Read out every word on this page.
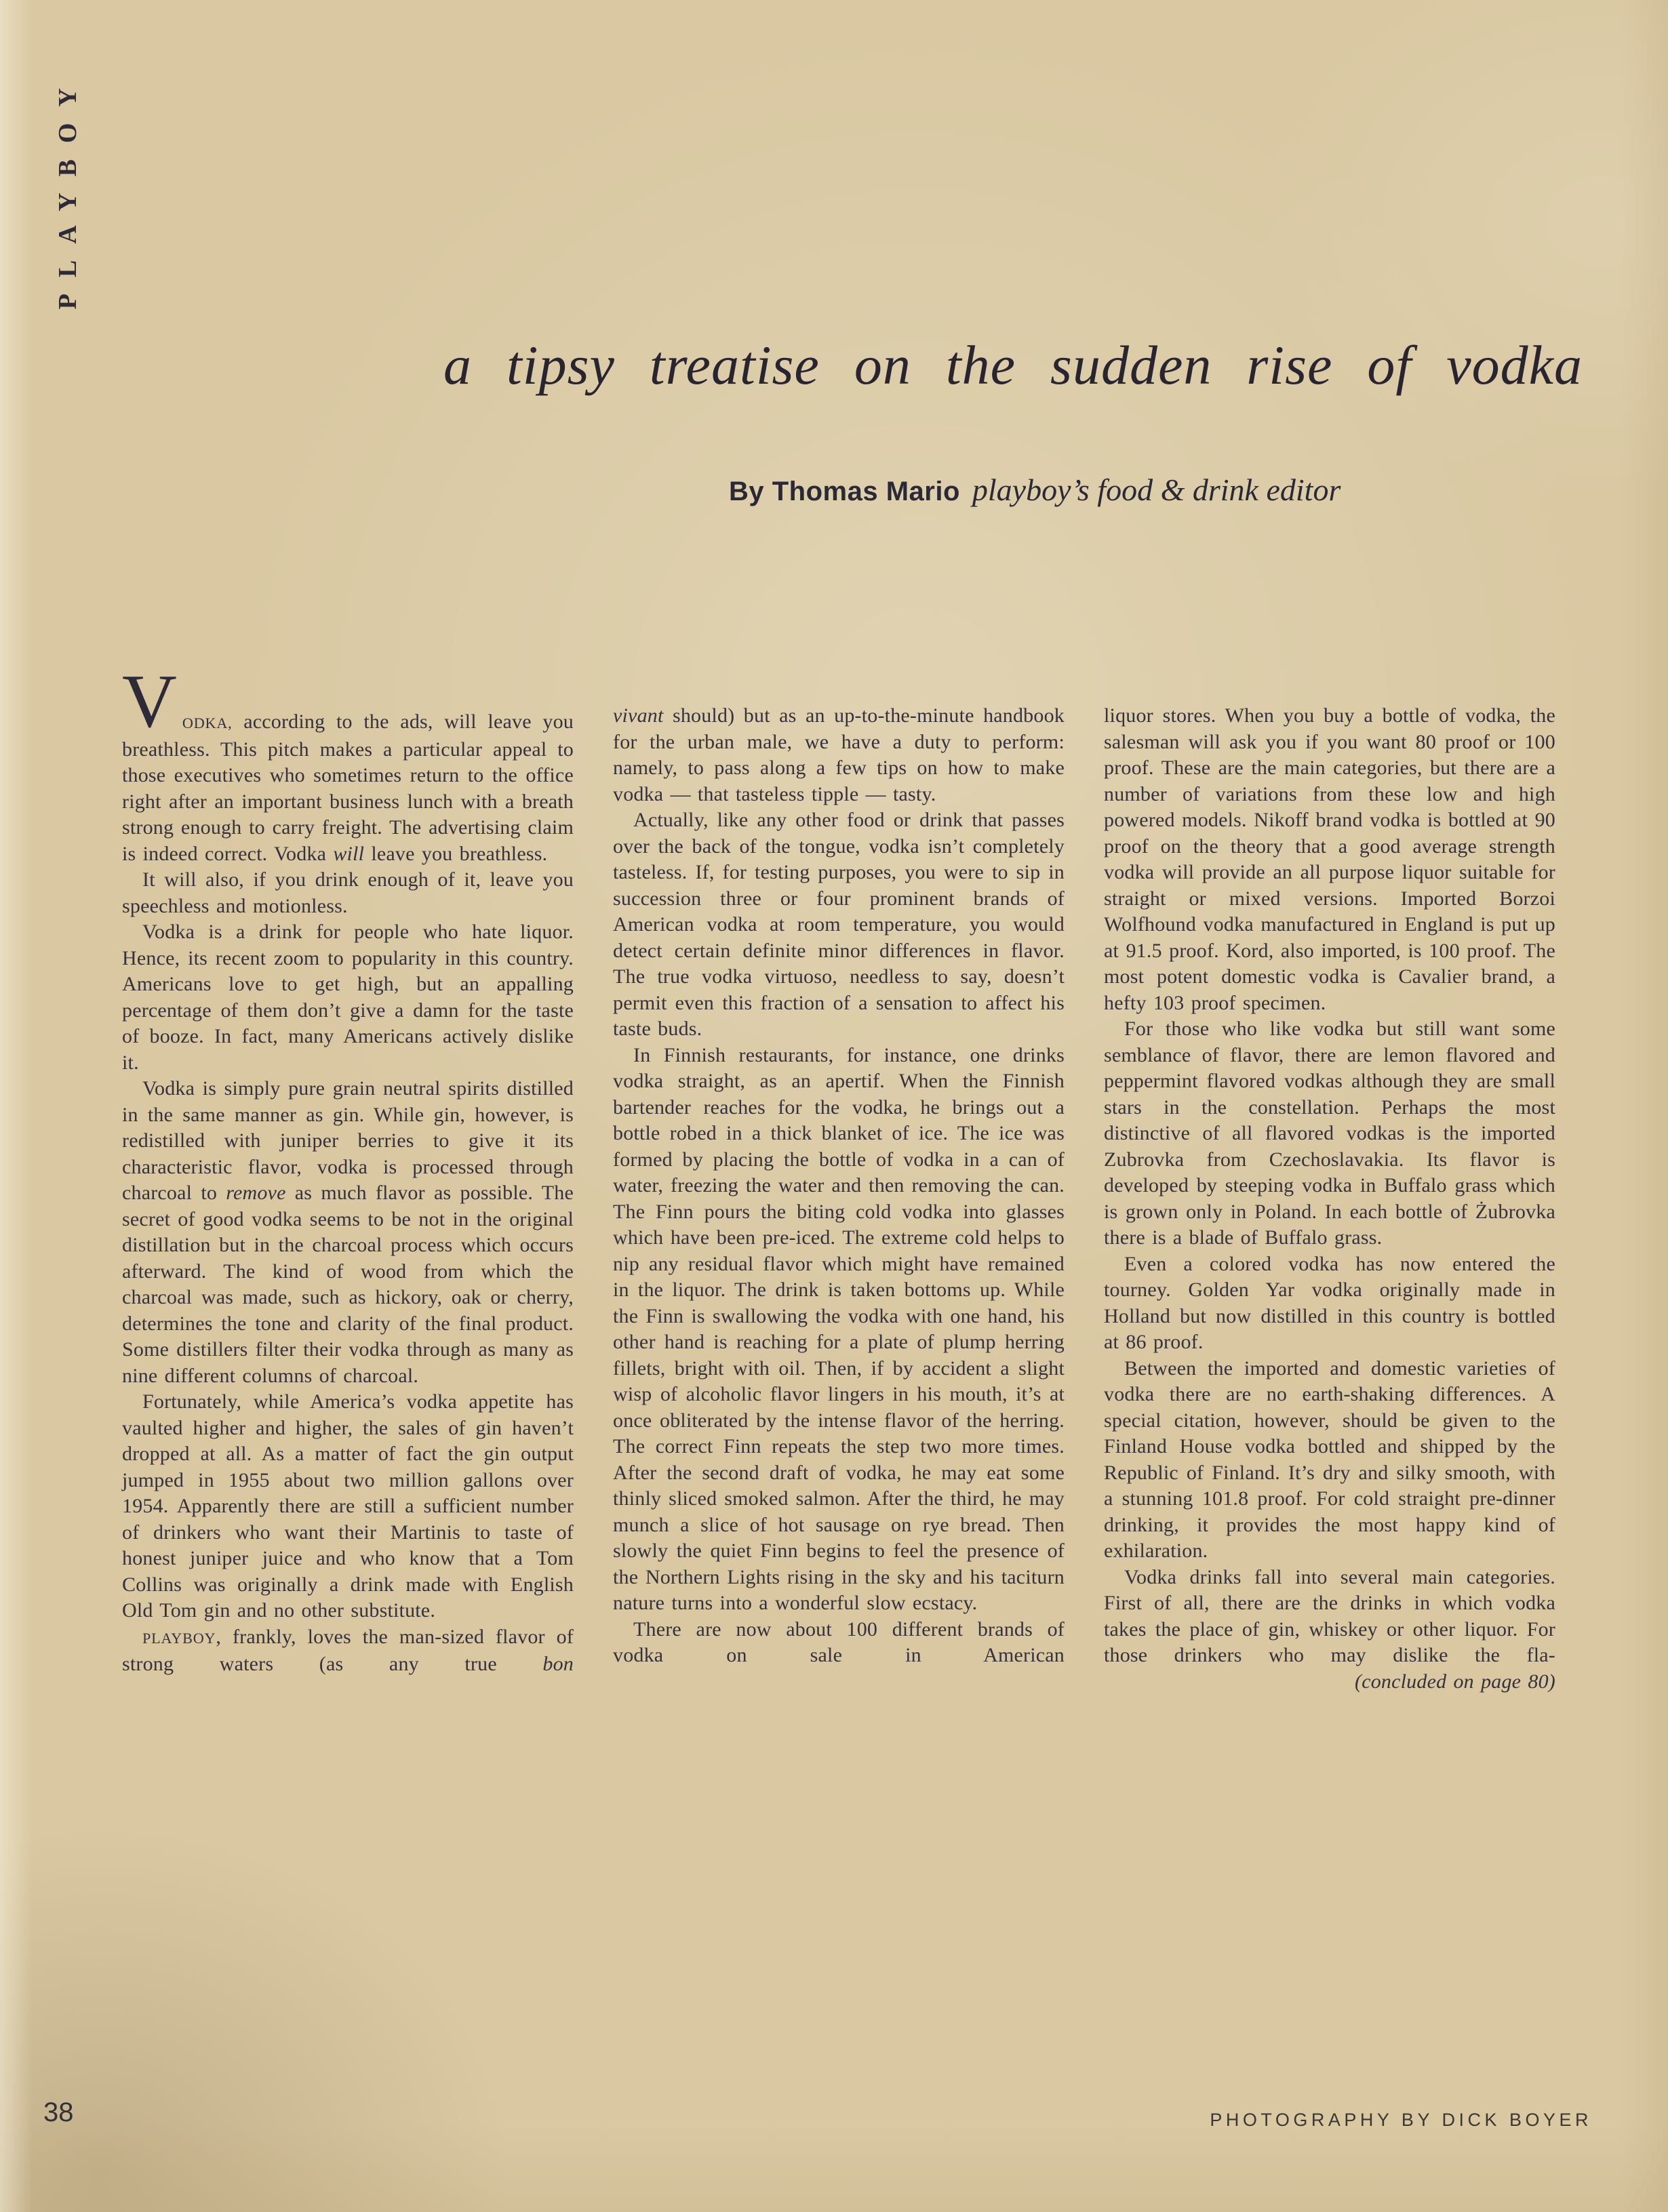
PLAYBOY
a tipsy treatise on the sudden rise of vodka
By Thomas Mario playboy’s food & drink editor

VODKA, according to the ads, will leave you breathless. This pitch makes a particular appeal to those executives who sometimes return to the office right after an important business lunch with a breath strong enough to carry freight. The advertising claim is indeed correct. Vodka will leave you breathless.

It will also, if you drink enough of it, leave you speechless and motionless.

Vodka is a drink for people who hate liquor. Hence, its recent zoom to popularity in this country. Americans love to get high, but an appalling percentage of them don’t give a damn for the taste of booze. In fact, many Americans actively dislike it.

Vodka is simply pure grain neutral spirits distilled in the same manner as gin. While gin, however, is redistilled with juniper berries to give it its characteristic flavor, vodka is processed through charcoal to remove as much flavor as possible. The secret of good vodka seems to be not in the original distillation but in the charcoal process which occurs afterward. The kind of wood from which the charcoal was made, such as hickory, oak or cherry, determines the tone and clarity of the final product. Some distillers filter their vodka through as many as nine different columns of charcoal.

Fortunately, while America’s vodka appetite has vaulted higher and higher, the sales of gin haven’t dropped at all. As a matter of fact the gin output jumped in 1955 about two million gallons over 1954. Apparently there are still a sufficient number of drinkers who want their Martinis to taste of honest juniper juice and who know that a Tom Collins was originally a drink made with English Old Tom gin and no other substitute.

PLAYBOY, frankly, loves the man-sized flavor of strong waters (as any true bon

vivant should) but as an up-to-the-minute handbook for the urban male, we have a duty to perform: namely, to pass along a few tips on how to make vodka — that tasteless tipple — tasty.

Actually, like any other food or drink that passes over the back of the tongue, vodka isn’t completely tasteless. If, for testing purposes, you were to sip in succession three or four prominent brands of American vodka at room temperature, you would detect certain definite minor differences in flavor. The true vodka virtuoso, needless to say, doesn’t permit even this fraction of a sensation to affect his taste buds.

In Finnish restaurants, for instance, one drinks vodka straight, as an apertif. When the Finnish bartender reaches for the vodka, he brings out a bottle robed in a thick blanket of ice. The ice was formed by placing the bottle of vodka in a can of water, freezing the water and then removing the can. The Finn pours the biting cold vodka into glasses which have been pre-iced. The extreme cold helps to nip any residual flavor which might have remained in the liquor. The drink is taken bottoms up. While the Finn is swallowing the vodka with one hand, his other hand is reaching for a plate of plump herring fillets, bright with oil. Then, if by accident a slight wisp of alcoholic flavor lingers in his mouth, it’s at once obliterated by the intense flavor of the herring. The correct Finn repeats the step two more times. After the second draft of vodka, he may eat some thinly sliced smoked salmon. After the third, he may munch a slice of hot sausage on rye bread. Then slowly the quiet Finn begins to feel the presence of the Northern Lights rising in the sky and his taciturn nature turns into a wonderful slow ecstacy.

There are now about 100 different brands of vodka on sale in American

liquor stores. When you buy a bottle of vodka, the salesman will ask you if you want 80 proof or 100 proof. These are the main categories, but there are a number of variations from these low and high powered models. Nikoff brand vodka is bottled at 90 proof on the theory that a good average strength vodka will provide an all purpose liquor suitable for straight or mixed versions. Imported Borzoi Wolfhound vodka manufactured in England is put up at 91.5 proof. Kord, also imported, is 100 proof. The most potent domestic vodka is Cavalier brand, a hefty 103 proof specimen.

For those who like vodka but still want some semblance of flavor, there are lemon flavored and peppermint flavored vodkas although they are small stars in the constellation. Perhaps the most distinctive of all flavored vodkas is the imported Zubrovka from Czechoslavakia. Its flavor is developed by steeping vodka in Buffalo grass which is grown only in Poland. In each bottle of Żubrovka there is a blade of Buffalo grass.

Even a colored vodka has now entered the tourney. Golden Yar vodka originally made in Holland but now distilled in this country is bottled at 86 proof.

Between the imported and domestic varieties of vodka there are no earth-shaking differences. A special citation, however, should be given to the Finland House vodka bottled and shipped by the Republic of Finland. It’s dry and silky smooth, with a stunning 101.8 proof. For cold straight pre-dinner drinking, it provides the most happy kind of exhilaration.

Vodka drinks fall into several main categories. First of all, there are the drinks in which vodka takes the place of gin, whiskey or other liquor. For those drinkers who may dislike the fla-

(concluded on page 80)

38	PHOTOGRAPHY BY DICK BOYER
